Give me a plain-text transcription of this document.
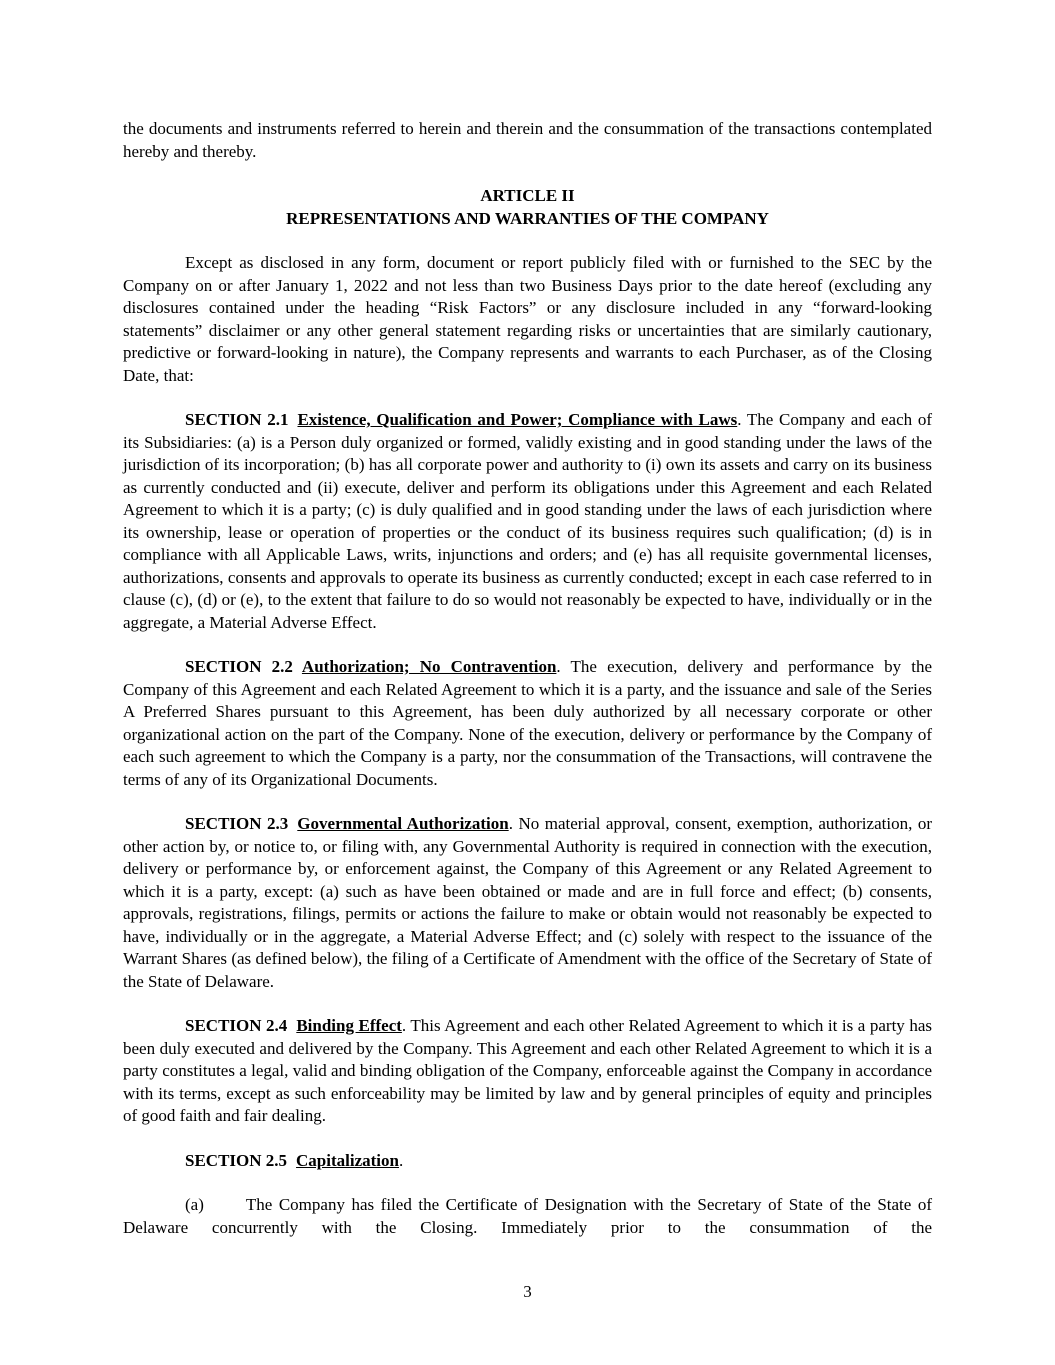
the documents and instruments referred to herein and therein and the consummation of the transactions contemplated hereby and thereby.

ARTICLE II
REPRESENTATIONS AND WARRANTIES OF THE COMPANY

Except as disclosed in any form, document or report publicly filed with or furnished to the SEC by the Company on or after January 1, 2022 and not less than two Business Days prior to the date hereof (excluding any disclosures contained under the heading “Risk Factors” or any disclosure included in any “forward-looking statements” disclaimer or any other general statement regarding risks or uncertainties that are similarly cautionary, predictive or forward-looking in nature), the Company represents and warrants to each Purchaser, as of the Closing Date, that:

SECTION 2.1 Existence, Qualification and Power; Compliance with Laws. The Company and each of its Subsidiaries: (a) is a Person duly organized or formed, validly existing and in good standing under the laws of the jurisdiction of its incorporation; (b) has all corporate power and authority to (i) own its assets and carry on its business as currently conducted and (ii) execute, deliver and perform its obligations under this Agreement and each Related Agreement to which it is a party; (c) is duly qualified and in good standing under the laws of each jurisdiction where its ownership, lease or operation of properties or the conduct of its business requires such qualification; (d) is in compliance with all Applicable Laws, writs, injunctions and orders; and (e) has all requisite governmental licenses, authorizations, consents and approvals to operate its business as currently conducted; except in each case referred to in clause (c), (d) or (e), to the extent that failure to do so would not reasonably be expected to have, individually or in the aggregate, a Material Adverse Effect.

SECTION 2.2 Authorization; No Contravention. The execution, delivery and performance by the Company of this Agreement and each Related Agreement to which it is a party, and the issuance and sale of the Series A Preferred Shares pursuant to this Agreement, has been duly authorized by all necessary corporate or other organizational action on the part of the Company. None of the execution, delivery or performance by the Company of each such agreement to which the Company is a party, nor the consummation of the Transactions, will contravene the terms of any of its Organizational Documents.

SECTION 2.3 Governmental Authorization. No material approval, consent, exemption, authorization, or other action by, or notice to, or filing with, any Governmental Authority is required in connection with the execution, delivery or performance by, or enforcement against, the Company of this Agreement or any Related Agreement to which it is a party, except: (a) such as have been obtained or made and are in full force and effect; (b) consents, approvals, registrations, filings, permits or actions the failure to make or obtain would not reasonably be expected to have, individually or in the aggregate, a Material Adverse Effect; and (c) solely with respect to the issuance of the Warrant Shares (as defined below), the filing of a Certificate of Amendment with the office of the Secretary of State of the State of Delaware.

SECTION 2.4 Binding Effect. This Agreement and each other Related Agreement to which it is a party has been duly executed and delivered by the Company. This Agreement and each other Related Agreement to which it is a party constitutes a legal, valid and binding obligation of the Company, enforceable against the Company in accordance with its terms, except as such enforceability may be limited by law and by general principles of equity and principles of good faith and fair dealing.

SECTION 2.5 Capitalization.

(a) The Company has filed the Certificate of Designation with the Secretary of State of the State of Delaware concurrently with the Closing. Immediately prior to the consummation of the

3
